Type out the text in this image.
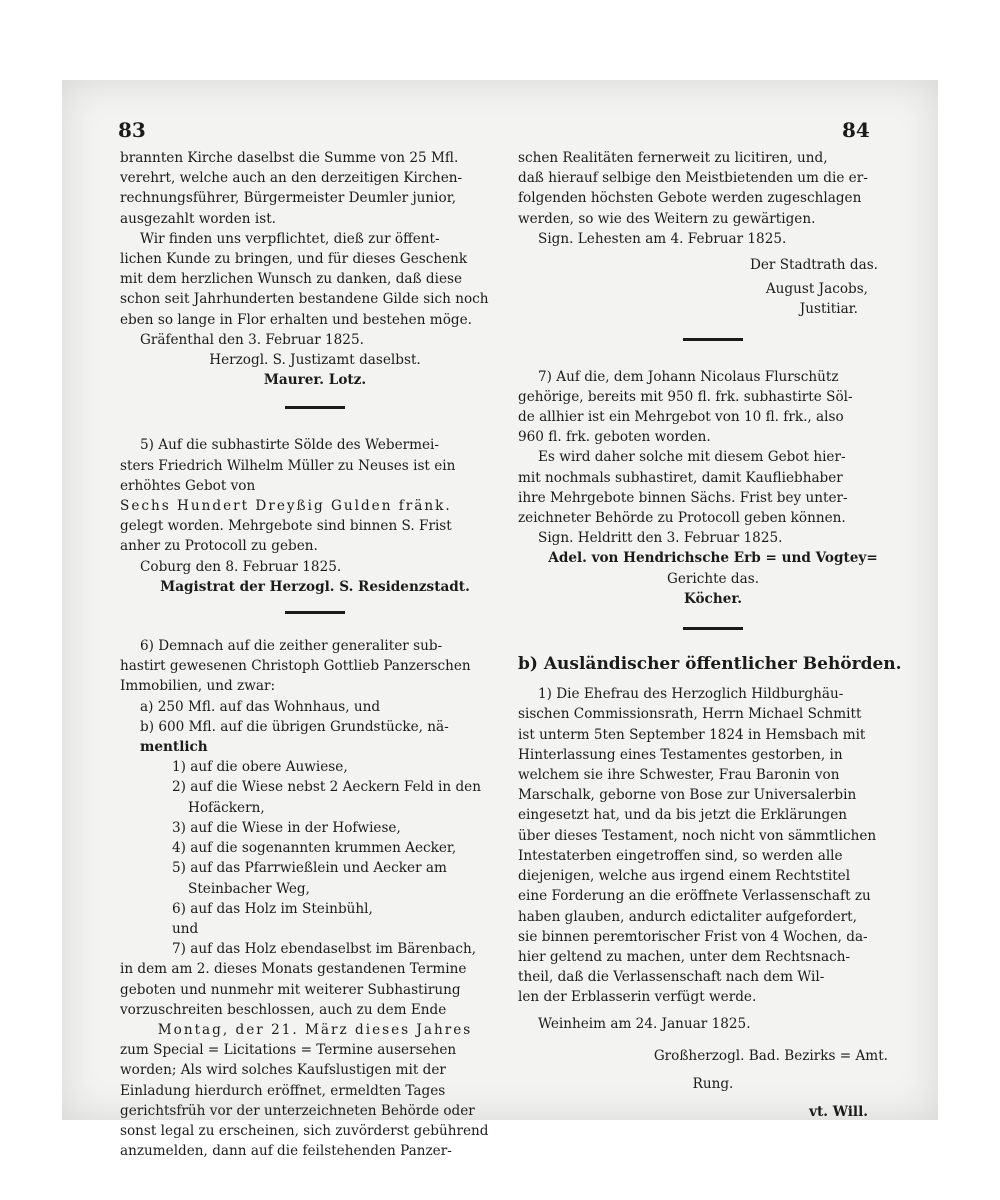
83	84

brannten Kirche daselbst die Summe von 25 Mfl.

verehrt, welche auch an den derzeitigen Kirchen-

rechnungsführer, Bürgermeister Deumler junior,

ausgezahlt worden ist.

Wir finden uns verpflichtet, dieß zur öffent-

lichen Kunde zu bringen, und für dieses Geschenk

mit dem herzlichen Wunsch zu danken, daß diese

schon seit Jahrhunderten bestandene Gilde sich noch

eben so lange in Flor erhalten und bestehen möge.

Gräfenthal den 3. Februar 1825.

Herzogl. S. Justizamt daselbst.

Maurer. Lotz.

5) Auf die subhastirte Sölde des Webermei-

sters Friedrich Wilhelm Müller zu Neuses ist ein

erhöhtes Gebot von

Sechs Hundert Dreyßig Gulden fränk.

gelegt worden. Mehrgebote sind binnen S. Frist

anher zu Protocoll zu geben.

Coburg den 8. Februar 1825.

Magistrat der Herzogl. S. Residenzstadt.

6) Demnach auf die zeither generaliter sub-

hastirt gewesenen Christoph Gottlieb Panzerschen

Immobilien, und zwar:

a) 250 Mfl. auf das Wohnhaus, und

b) 600 Mfl. auf die übrigen Grundstücke, nä-

mentlich

1) auf die obere Auwiese,

2) auf die Wiese nebst 2 Aeckern Feld in den

Hofäckern,

3) auf die Wiese in der Hofwiese,

4) auf die sogenannten krummen Aecker,

5) auf das Pfarrwießlein und Aecker am

Steinbacher Weg,

6) auf das Holz im Steinbühl,

und

7) auf das Holz ebendaselbst im Bärenbach,

in dem am 2. dieses Monats gestandenen Termine

geboten und nunmehr mit weiterer Subhastirung

vorzuschreiten beschlossen, auch zu dem Ende

Montag, der 21. März dieses Jahres

zum Special = Licitations = Termine ausersehen

worden; Als wird solches Kaufslustigen mit der

Einladung hierdurch eröffnet, ermeldten Tages

gerichtsfrüh vor der unterzeichneten Behörde oder

sonst legal zu erscheinen, sich zuvörderst gebührend

anzumelden, dann auf die feilstehenden Panzer-

schen Realitäten fernerweit zu licitiren, und,

daß hierauf selbige den Meistbietenden um die er-

folgenden höchsten Gebote werden zugeschlagen

werden, so wie des Weitern zu gewärtigen.

Sign. Lehesten am 4. Februar 1825.

Der Stadtrath das.

August Jacobs,

Justitiar.

7) Auf die, dem Johann Nicolaus Flurschütz

gehörige, bereits mit 950 fl. frk. subhastirte Söl-

de allhier ist ein Mehrgebot von 10 fl. frk., also

960 fl. frk. geboten worden.

Es wird daher solche mit diesem Gebot hier-

mit nochmals subhastiret, damit Kaufliebhaber

ihre Mehrgebote binnen Sächs. Frist bey unter-

zeichneter Behörde zu Protocoll geben können.

Sign. Heldritt den 3. Februar 1825.

Adel. von Hendrichsche Erb = und Vogtey=

Gerichte das.

Köcher.

b) Ausländischer öffentlicher Behörden.

1) Die Ehefrau des Herzoglich Hildburghäu-

sischen Commissionsrath, Herrn Michael Schmitt

ist unterm 5ten September 1824 in Hemsbach mit

Hinterlassung eines Testamentes gestorben, in

welchem sie ihre Schwester, Frau Baronin von

Marschalk, geborne von Bose zur Universalerbin

eingesetzt hat, und da bis jetzt die Erklärungen

über dieses Testament, noch nicht von sämmtlichen

Intestaterben eingetroffen sind, so werden alle

diejenigen, welche aus irgend einem Rechtstitel

eine Forderung an die eröffnete Verlassenschaft zu

haben glauben, andurch edictaliter aufgefordert,

sie binnen peremtorischer Frist von 4 Wochen, da-

hier geltend zu machen, unter dem Rechtsnach-

theil, daß die Verlassenschaft nach dem Wil-

len der Erblasserin verfügt werde.

Weinheim am 24. Januar 1825.

Großherzogl. Bad. Bezirks = Amt.

Rung.

vt. Will.
